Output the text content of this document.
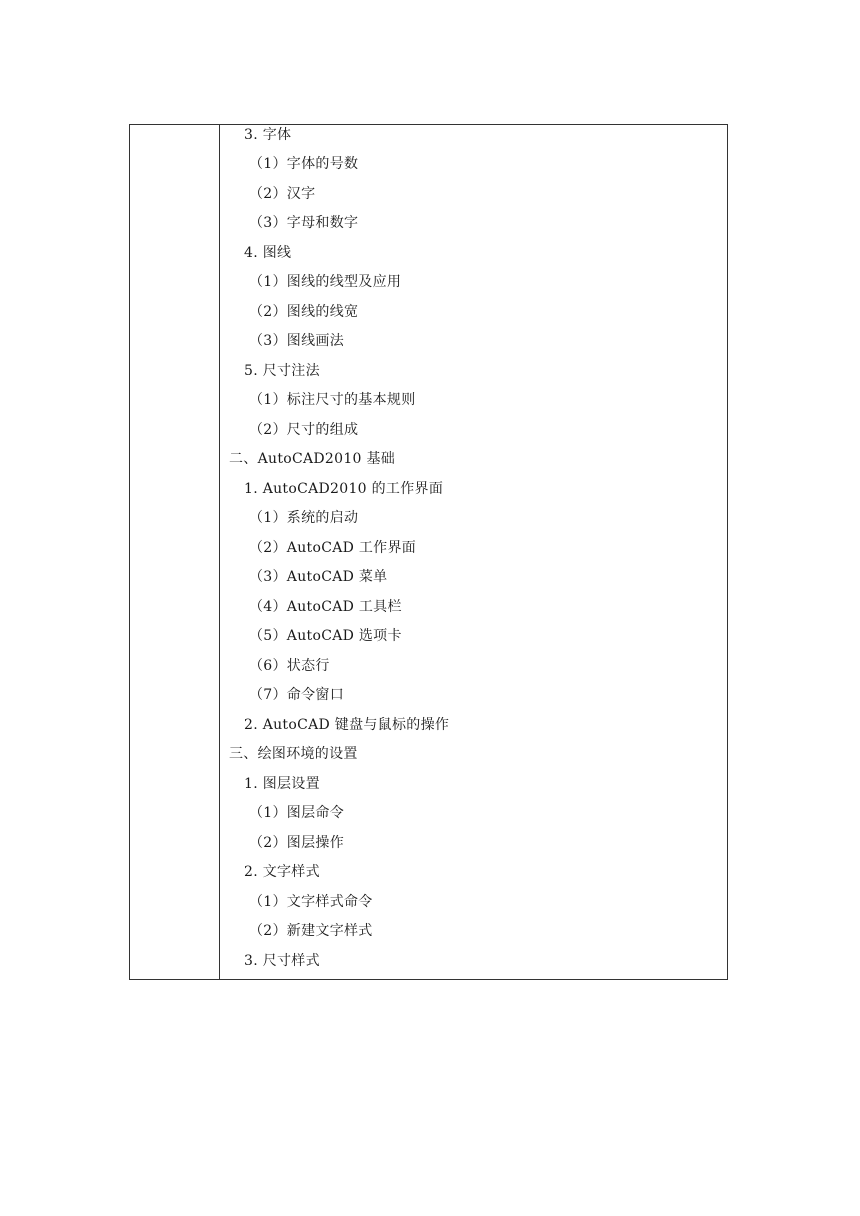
3. 字体
（1）字体的号数
（2）汉字
（3）字母和数字
4. 图线
（1）图线的线型及应用
（2）图线的线宽
（3）图线画法
5. 尺寸注法
（1）标注尺寸的基本规则
（2）尺寸的组成
二、AutoCAD2010 基础
1. AutoCAD2010 的工作界面
（1）系统的启动
（2）AutoCAD 工作界面
（3）AutoCAD 菜单
（4）AutoCAD 工具栏
（5）AutoCAD 选项卡
（6）状态行
（7）命令窗口
2. AutoCAD 键盘与鼠标的操作
三、绘图环境的设置
1. 图层设置
（1）图层命令
（2）图层操作
2. 文字样式
（1）文字样式命令
（2）新建文字样式
3. 尺寸样式
